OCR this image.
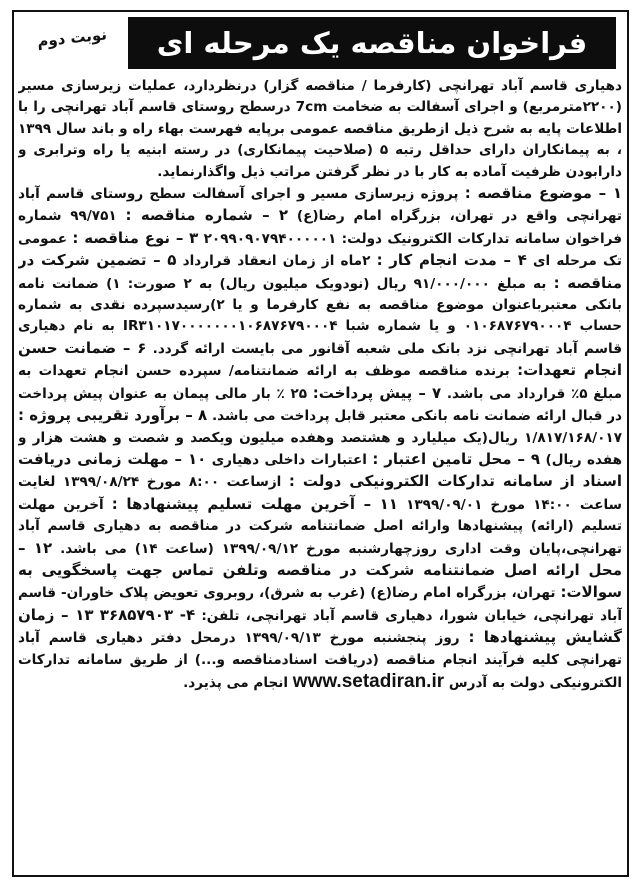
فراخوان مناقصه یک مرحله ای
نوبت دوم

دهیاری قاسم آباد تهرانچی (کارفرما / مناقصه گزار) درنظردارد، عملیات زیرسازی مسیر (۲۲۰۰مترمربع) و اجرای آسفالت به ضخامت 7cm درسطح روستای قاسم آباد تهرانچی را با اطلاعات پایه به شرح ذیل ازطریق مناقصه عمومی برپایه فهرست بهاء راه و باند سال ۱۳۹۹ ، به پیمانکاران دارای حداقل رتبه ۵ (صلاحیت پیمانکاری) در رسته ابنیه یا راه وترابری و دارابودن ظرفیت آماده به کار با در نظر گرفتن مراتب ذیل واگذارنماید.

۱ – موضوع مناقصه : پروژه زیرسازی مسیر و اجرای آسفالت سطح روستای قاسم آباد تهرانچی واقع در تهران، بزرگراه امام رضا(ع) ۲ – شماره مناقصه : ۹۹/۷۵۱ شماره فراخوان سامانه تدارکات الکترونیک دولت: ۲۰۹۹۰۹۰۷۹۴۰۰۰۰۰۱ ۳ – نوع مناقصه : عمومی تک مرحله ای ۴ – مدت انجام کار : ۲ماه از زمان انعقاد قرارداد ۵ – تضمین شرکت در مناقصه : به مبلغ ۹۱/۰۰۰/۰۰۰ ریال (نودویک میلیون ریال) به ۲ صورت: ۱) ضمانت نامه بانکی معتبرباعنوان موضوع مناقصه به نفع کارفرما و یا ۲)رسیدسپرده نقدی به شماره حساب ۰۱۰۶۸۷۶۷۹۰۰۰۴ و یا شماره شبا IR۳۱۰۱۷۰۰۰۰۰۰۰۱۰۶۸۷۶۷۹۰۰۰۴ به نام دهیاری قاسم آباد تهرانچی نزد بانک ملی شعبه آقانور می بایست ارائه گردد. ۶ – ضمانت حسن انجام تعهدات: برنده مناقصه موظف به ارائه ضمانتنامه/ سپرده حسن انجام تعهدات به مبلغ ۵٪ قرارداد می باشد. ۷ – پیش پرداخت: ۲۵ ٪ بار مالی پیمان به عنوان پیش پرداخت در قبال ارائه ضمانت نامه بانکی معتبر قابل پرداخت می باشد. ۸ – برآورد تقریبی پروژه : ۱/۸۱۷/۱۶۸/۰۱۷ ریال(یک میلیارد و هشتصد وهفده میلیون ویکصد و شصت و هشت هزار و هفده ریال) ۹ – محل تامین اعتبار : اعتبارات داخلی دهیاری ۱۰ – مهلت زمانی دریافت اسناد از سامانه تدارکات الکترونیکی دولت : ازساعت ۸:۰۰ مورخ ۱۳۹۹/۰۸/۲۴ لغایت ساعت ۱۴:۰۰ مورخ ۱۳۹۹/۰۹/۰۱ ۱۱ – آخرین مهلت تسلیم پیشنهادها : آخرین مهلت تسلیم (ارائه) پیشنهادها وارائه اصل ضمانتنامه شرکت در مناقصه به دهیاری قاسم آباد تهرانچی،پایان وقت اداری روزچهارشنبه مورخ ۱۳۹۹/۰۹/۱۲ (ساعت ۱۴) می باشد. ۱۲ – محل ارائه اصل ضمانتنامه شرکت در مناقصه وتلفن تماس جهت پاسخگویی به سوالات: تهران، بزرگراه امام رضا(ع) (غرب به شرق)، روبروی تعویض پلاک خاوران- قاسم آباد تهرانچی، خیابان شورا، دهیاری قاسم آباد تهرانچی، تلفن: ۴- ۳۶۸۵۷۹۰۳ ۱۳ – زمان گشایش پیشنهادها : روز پنجشنبه مورخ ۱۳۹۹/۰۹/۱۳ درمحل دفتر دهیاری قاسم آباد تهرانچی کلیه فرآیند انجام مناقصه (دریافت اسنادمناقصه و...) از طریق سامانه تدارکات الکترونیکی دولت به آدرس www.setadiran.ir انجام می پذیرد.
